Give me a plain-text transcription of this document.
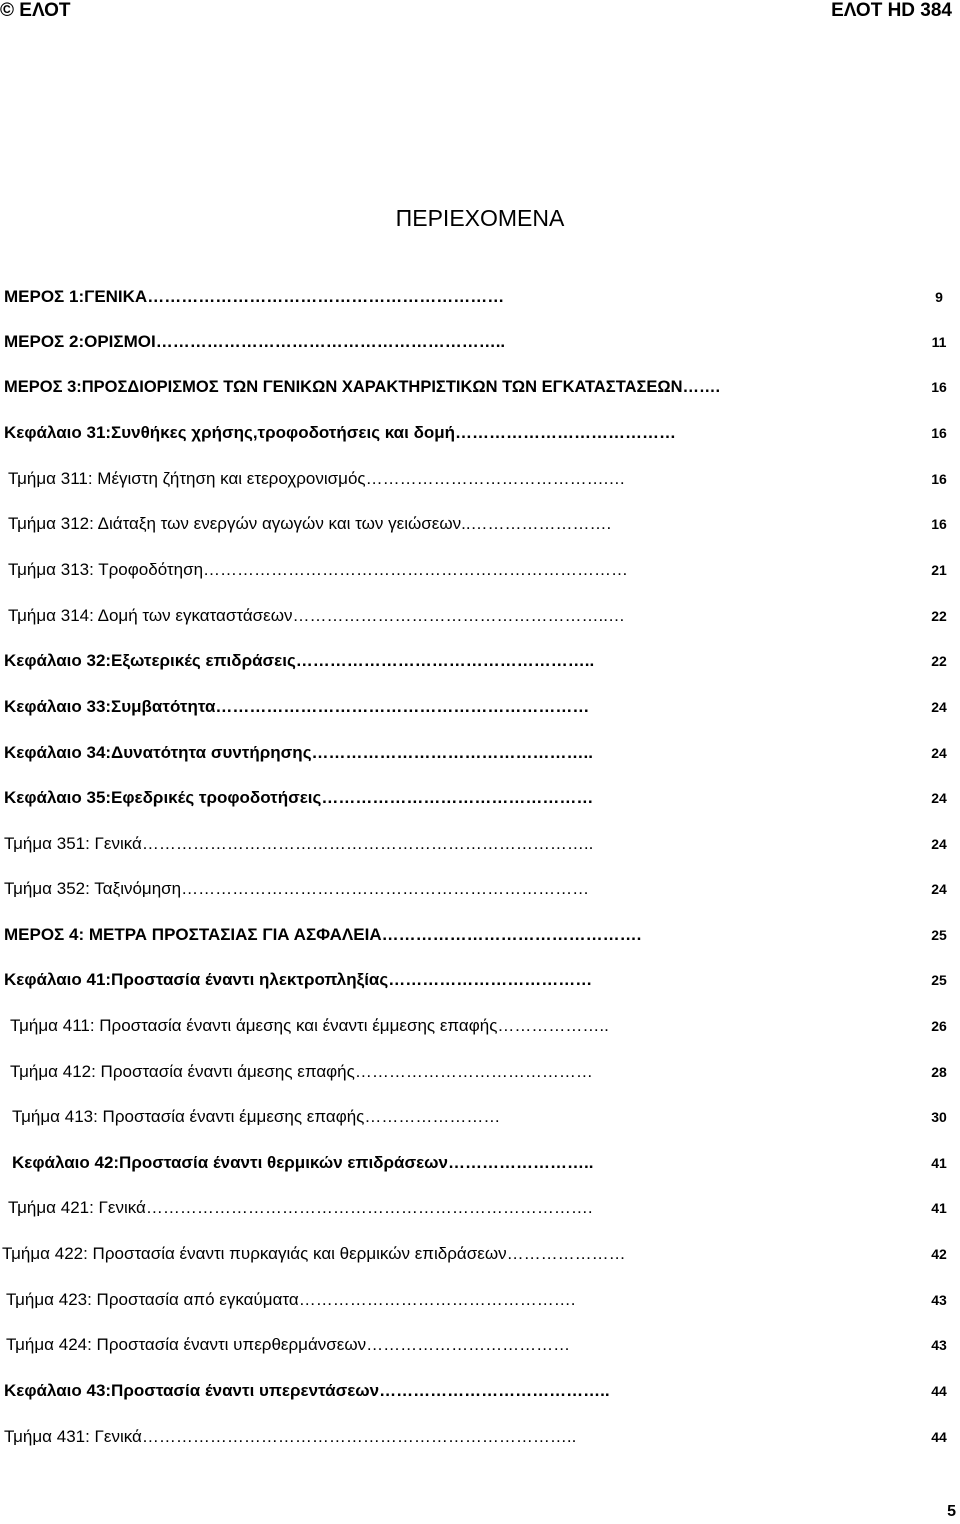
© ΕΛΟΤ	ΕΛΟΤ HD 384
ΠΕΡΙΕΧΟΜΕΝΑ
ΜΕΡΟΣ 1:ΓΕΝΙΚΑ………………………………………………………	9
ΜΕΡΟΣ 2:ΟΡΙΣΜΟΙ……………………………………………………..	11
ΜΕΡΟΣ 3:ΠΡΟΣΔΙΟΡΙΣΜΟΣ ΤΩΝ ΓΕΝΙΚΩΝ ΧΑΡΑΚΤΗΡΙΣΤΙΚΩΝ ΤΩΝ ΕΓΚΑΤΑΣΤΑΣΕΩΝ…….	16
Κεφάλαιο 31:Συνθήκες χρήσης,τροφοδοτήσεις και δομή…………………………………	16
Τμήμα 311: Μέγιστη ζήτηση και ετεροχρονισμός…………………………………….…	16
Τμήμα 312: Διάταξη των ενεργών αγωγών και των γειώσεων..…………………….	16
Τμήμα 313: Τροφοδότηση…………………………………………………………………	21
Τμήμα 314: Δομή των εγκαταστάσεων………………………………………………..…	22
Κεφάλαιο 32:Εξωτερικές επιδράσεις……………………………………………..	22
Κεφάλαιο 33:Συμβατότητα…………………………………………………………	24
Κεφάλαιο 34:Δυνατότητα συντήρησης…………………………………………..	24
Κεφάλαιο 35:Εφεδρικές τροφοδοτήσεις…………………………………………	24
Τμήμα 351: Γενικά……………………………………………………………………..	24
Τμήμα 352: Ταξινόμηση………………………………………………………………	24
ΜΕΡΟΣ 4: ΜΕΤΡΑ ΠΡΟΣΤΑΣΙΑΣ ΓΙΑ ΑΣΦΑΛΕΙΑ……………………………………….	25
Κεφάλαιο 41:Προστασία έναντι ηλεκτροπληξίας………………………………	25
Τμήμα 411: Προστασία έναντι άμεσης και έναντι έμμεσης επαφής………………..	26
Τμήμα 412: Προστασία έναντι άμεσης επαφής……………………………………	28
Τμήμα 413: Προστασία έναντι έμμεσης επαφής……………………	30
Κεφάλαιο 42:Προστασία έναντι θερμικών επιδράσεων……………………..	41
Τμήμα 421: Γενικά…………………………………………………………………….	41
Τμήμα 422: Προστασία έναντι πυρκαγιάς και θερμικών επιδράσεων…………………	42
Τμήμα 423: Προστασία από εγκαύματα………………………………………….	43
Τμήμα 424: Προστασία έναντι υπερθερμάνσεων………………………………	43
Κεφάλαιο 43:Προστασία έναντι υπερεντάσεων…………………………………..	44
Τμήμα 431: Γενικά…………………………………………………………………..	44
5
